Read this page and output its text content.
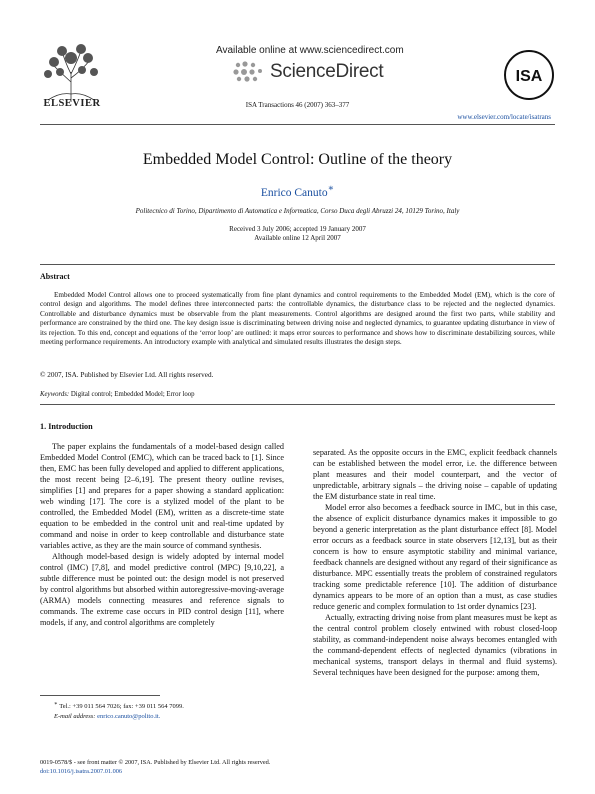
ELSEVIER
Available online at www.sciencedirect.com
ScienceDirect	ISA
ISA Transactions 46 (2007) 363–377
www.elsevier.com/locate/isatrans
Embedded Model Control: Outline of the theory
Enrico Canuto∗
Politecnico di Torino, Dipartimento di Automatica e Informatica, Corso Duca degli Abruzzi 24, 10129 Torino, Italy
Received 3 July 2006; accepted 19 January 2007
Available online 12 April 2007
Abstract
Embedded Model Control allows one to proceed systematically from fine plant dynamics and control requirements to the Embedded Model (EM), which is the core of control design and algorithms. The model defines three interconnected parts: the controllable dynamics, the disturbance class to be rejected and the neglected dynamics. Controllable and disturbance dynamics must be observable from the plant measurements. Control algorithms are designed around the first two parts, while stability and performance are constrained by the third one. The key design issue is discriminating between driving noise and neglected dynamics, to guarantee updating disturbance in view of its rejection. To this end, concept and equations of the ‘error loop’ are outlined: it maps error sources to performance and shows how to discriminate destabilizing sources, while meeting performance requirements. An introductory example with analytical and simulated results illustrates the design steps.
© 2007, ISA. Published by Elsevier Ltd. All rights reserved.
Keywords: Digital control; Embedded Model; Error loop
1. Introduction

The paper explains the fundamentals of a model-based design called Embedded Model Control (EMC), which can be traced back to [1]. Since then, EMC has been fully developed and applied to different applications, the most recent being [2–6,19]. The present theory outline revises, simplifies [1] and prepares for a paper showing a standard application: web winding [17]. The core is a stylized model of the plant to be controlled, the Embedded Model (EM), written as a discrete-time state equation to be embedded in the control unit and real-time updated by command and noise in order to keep controllable and disturbance state variables active, as they are the main source of command synthesis.

Although model-based design is widely adopted by internal model control (IMC) [7,8], and model predictive control (MPC) [9,10,22], a subtle difference must be pointed out: the design model is not preserved by control algorithms but absorbed within autoregressive-moving-average (ARMA) models connecting measures and reference signals to commands. The extreme case occurs in PID control design [11], where models, if any, and control algorithms are completely

separated. As the opposite occurs in the EMC, explicit feedback channels can be established between the model error, i.e. the difference between plant measures and their model counterpart, and the vector of unpredictable, arbitrary signals – the driving noise – capable of updating the EM disturbance state in real time.

Model error also becomes a feedback source in IMC, but in this case, the absence of explicit disturbance dynamics makes it impossible to go beyond a generic interpretation as the plant disturbance effect [8]. Model error occurs as a feedback source in state observers [12,13], but as their concern is how to ensure asymptotic stability and minimal variance, feedback channels are designed without any regard of their significance as disturbance. MPC essentially treats the problem of constrained regulators tracking some predictable reference [10]. The addition of disturbance dynamics appears to be more of an option than a must, as case studies reduce generic and complex formulation to 1st order dynamics [23].

Actually, extracting driving noise from plant measures must be kept as the central control problem closely entwined with robust closed-loop stability, as command-independent noise always becomes entangled with the command-dependent effects of neglected dynamics (vibrations in mechanical systems, transport delays in thermal and fluid systems). Several techniques have been designed for the purpose: among them,

∗ Tel.: +39 011 564 7026; fax: +39 011 564 7099.
E-mail address: enrico.canuto@polito.it.
0019-0578/$ - see front matter © 2007, ISA. Published by Elsevier Ltd. All rights reserved.
doi:10.1016/j.isatra.2007.01.006
